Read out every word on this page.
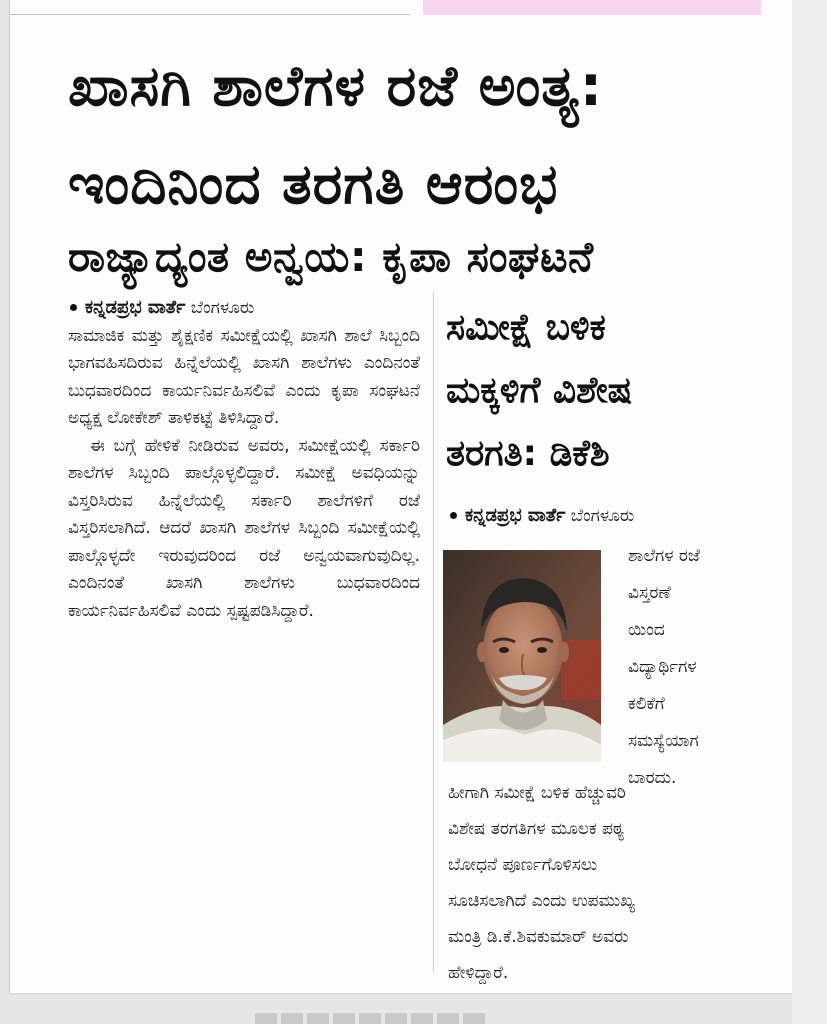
ಖಾಸಗಿ ಶಾಲೆಗಳ ರಜೆ ಅಂತ್ಯ:
ಇಂದಿನಿಂದ ತರಗತಿ ಆರಂಭ
ರಾಜ್ಯಾದ್ಯಂತ ಅನ್ವಯ: ಕೃಪಾ ಸಂಘಟನೆ
ಕನ್ನಡಪ್ರಭ ವಾರ್ತೆ ಬೆಂಗಳೂರು

ಸಾಮಾಜಿಕ ಮತ್ತು ಶೈಕ್ಷಣಿಕ ಸಮೀಕ್ಷೆಯಲ್ಲಿ ಖಾಸಗಿ ಶಾಲೆ ಸಿಬ್ಬಂದಿ ಭಾಗವಹಿಸದಿರುವ ಹಿನ್ನೆಲೆಯಲ್ಲಿ ಖಾಸಗಿ ಶಾಲೆಗಳು ಎಂದಿನಂತೆ ಬುಧವಾರದಿಂದ ಕಾರ್ಯನಿರ್ವಹಿಸಲಿವೆ ಎಂದು ಕೃಪಾ ಸಂಘಟನೆ ಅಧ್ಯಕ್ಷ ಲೋಕೇಶ್ ತಾಳಿಕಟ್ಟೆ ತಿಳಿಸಿದ್ದಾರೆ.

ಈ ಬಗ್ಗೆ ಹೇಳಿಕೆ ನೀಡಿರುವ ಅವರು, ಸಮೀಕ್ಷೆಯಲ್ಲಿ ಸರ್ಕಾರಿ ಶಾಲೆಗಳ ಸಿಬ್ಬಂದಿ ಪಾಲ್ಗೊಳ್ಳಲಿದ್ದಾರೆ. ಸಮೀಕ್ಷೆ ಅವಧಿಯನ್ನು ವಿಸ್ತರಿಸಿರುವ ಹಿನ್ನೆಲೆಯಲ್ಲಿ ಸರ್ಕಾರಿ ಶಾಲೆಗಳಿಗೆ ರಜೆ ವಿಸ್ತರಿಸಲಾಗಿದೆ. ಆದರೆ ಖಾಸಗಿ ಶಾಲೆಗಳ ಸಿಬ್ಬಂದಿ ಸಮೀಕ್ಷೆಯಲ್ಲಿ ಪಾಲ್ಗೊಳ್ಳದೇ ಇರುವುದರಿಂದ ರಜೆ ಅನ್ವಯವಾಗುವುದಿಲ್ಲ. ಎಂದಿನಂತೆ ಖಾಸಗಿ ಶಾಲೆಗಳು ಬುಧವಾರದಿಂದ ಕಾರ್ಯನಿರ್ವಹಿಸಲಿವೆ ಎಂದು ಸ್ಪಷ್ಟಪಡಿಸಿದ್ದಾರೆ.

ಸಮೀಕ್ಷೆ ಬಳಿಕ
ಮಕ್ಕಳಿಗೆ ವಿಶೇಷ
ತರಗತಿ: ಡಿಕೆಶಿ
ಕನ್ನಡಪ್ರಭ ವಾರ್ತೆ ಬೆಂಗಳೂರು
ಶಾಲೆಗಳ ರಜೆ
ವಿಸ್ತರಣೆ
ಯಿಂದ
ವಿದ್ಯಾರ್ಥಿಗಳ
ಕಲಿಕೆಗೆ
ಸಮಸ್ಯೆಯಾಗ
ಬಾರದು.
ಹೀಗಾಗಿ ಸಮೀಕ್ಷೆ ಬಳಿಕ ಹೆಚ್ಚುವರಿ
ವಿಶೇಷ ತರಗತಿಗಳ ಮೂಲಕ ಪಠ್ಯ
ಬೋಧನೆ ಪೂರ್ಣಗೊಳಿಸಲು
ಸೂಚಿಸಲಾಗಿದೆ ಎಂದು ಉಪಮುಖ್ಯ
ಮಂತ್ರಿ ಡಿ.ಕೆ.ಶಿವಕುಮಾರ್ ಅವರು
ಹೇಳಿದ್ದಾರೆ.
